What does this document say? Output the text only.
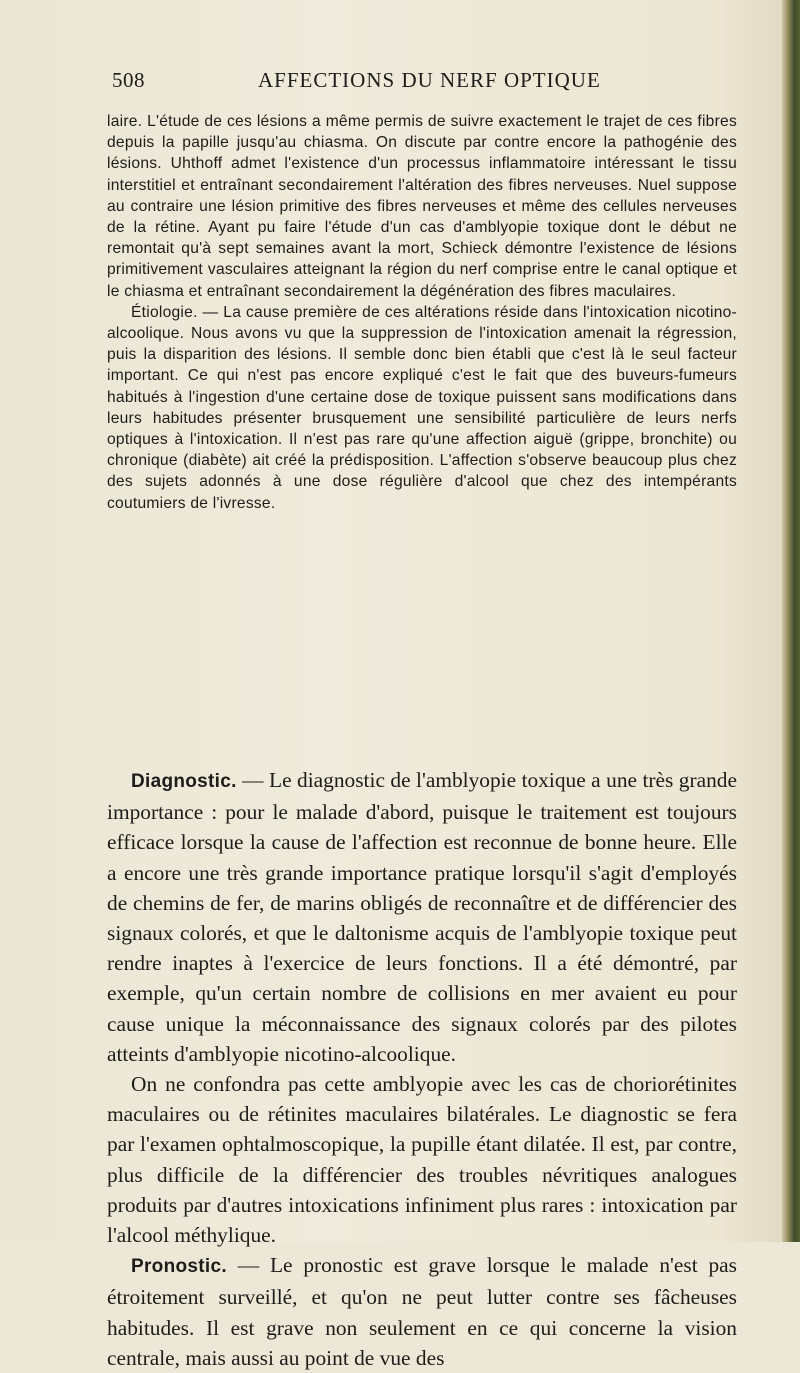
508	AFFECTIONS DU NERF OPTIQUE

laire. L'étude de ces lésions a même permis de suivre exactement le trajet de ces fibres depuis la papille jusqu'au chiasma. On discute par contre encore la pathogénie des lésions. Uhthoff admet l'existence d'un processus inflammatoire intéressant le tissu interstitiel et entraînant secondairement l'altération des fibres nerveuses. Nuel suppose au contraire une lésion primitive des fibres nerveuses et même des cellules nerveuses de la rétine. Ayant pu faire l'étude d'un cas d'amblyopie toxique dont le début ne remontait qu'à sept semaines avant la mort, Schieck démontre l'existence de lésions primitivement vasculaires atteignant la région du nerf comprise entre le canal optique et le chiasma et entraînant secondairement la dégénération des fibres maculaires.

Étiologie. — La cause première de ces altérations réside dans l'intoxication nicotino-alcoolique. Nous avons vu que la suppression de l'intoxication amenait la régression, puis la disparition des lésions. Il semble donc bien établi que c'est là le seul facteur important. Ce qui n'est pas encore expliqué c'est le fait que des buveurs-fumeurs habitués à l'ingestion d'une certaine dose de toxique puissent sans modifications dans leurs habitudes présenter brusquement une sensibilité particulière de leurs nerfs optiques à l'intoxication. Il n'est pas rare qu'une affection aiguë (grippe, bronchite) ou chronique (diabète) ait créé la prédisposition. L'affection s'observe beaucoup plus chez des sujets adonnés à une dose régulière d'alcool que chez des intempérants coutumiers de l'ivresse.

Diagnostic. — Le diagnostic de l'amblyopie toxique a une très grande importance : pour le malade d'abord, puisque le traitement est toujours efficace lorsque la cause de l'affection est reconnue de bonne heure. Elle a encore une très grande importance pratique lorsqu'il s'agit d'employés de chemins de fer, de marins obligés de reconnaître et de différencier des signaux colorés, et que le daltonisme acquis de l'amblyopie toxique peut rendre inaptes à l'exercice de leurs fonctions. Il a été démontré, par exemple, qu'un certain nombre de collisions en mer avaient eu pour cause unique la méconnaissance des signaux colorés par des pilotes atteints d'amblyopie nicotino-alcoolique.

On ne confondra pas cette amblyopie avec les cas de choriorétinites maculaires ou de rétinites maculaires bilatérales. Le diagnostic se fera par l'examen ophtalmoscopique, la pupille étant dilatée. Il est, par contre, plus difficile de la différencier des troubles névritiques analogues produits par d'autres intoxications infiniment plus rares : intoxication par l'alcool méthylique.

Pronostic. — Le pronostic est grave lorsque le malade n'est pas étroitement surveillé, et qu'on ne peut lutter contre ses fâcheuses habitudes. Il est grave non seulement en ce qui concerne la vision centrale, mais aussi au point de vue des
